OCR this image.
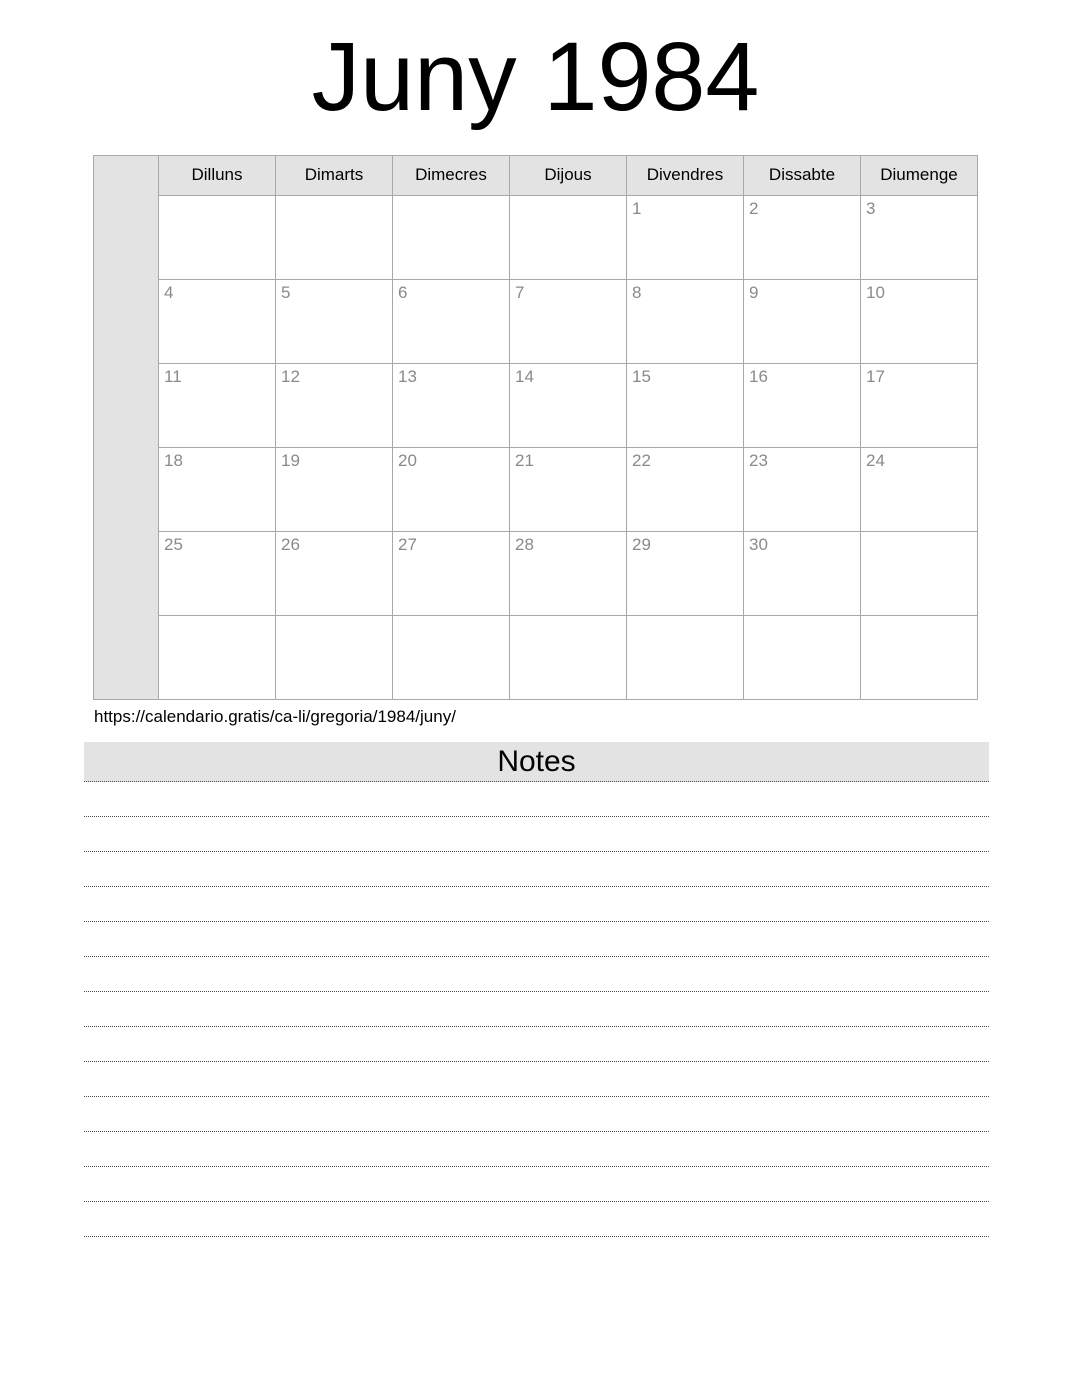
Juny 1984
	Dilluns	Dimarts	Dimecres	Dijous	Divendres	Dissabte	Diumenge
					1	2	3
	4	5	6	7	8	9	10
	11	12	13	14	15	16	17
	18	19	20	21	22	23	24
	25	26	27	28	29	30	

https://calendario.gratis/ca-li/gregoria/1984/juny/
Notes
